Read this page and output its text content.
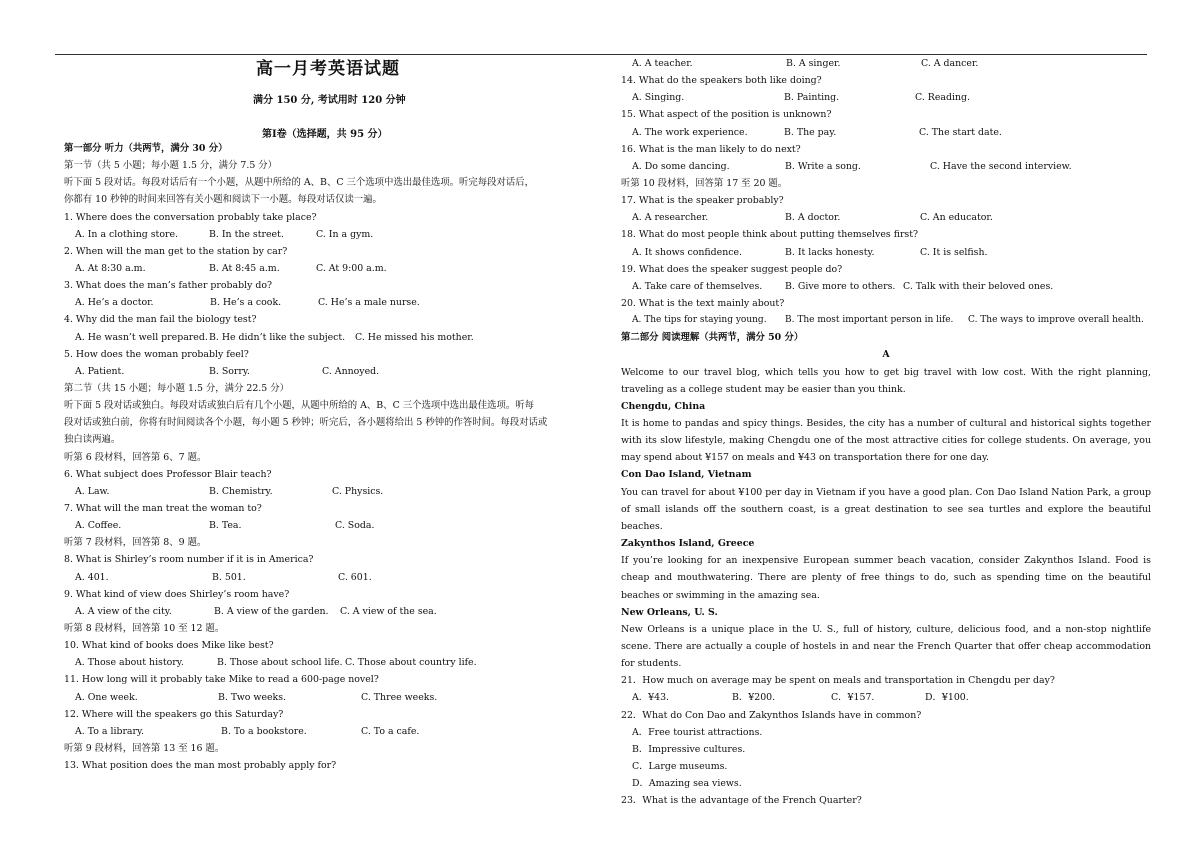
高一月考英语试题
满分 150 分, 考试用时 120 分钟
第Ⅰ卷（选择题，共 95 分）
第一部分 听力（共两节，满分 30 分）
第一节（共 5 小题；每小题 1.5 分，满分 7.5 分）
听下面 5 段对话。每段对话后有一个小题，从题中所给的 A、B、C 三个选项中选出最佳选项。听完每段对话后，
你都有 10 秒钟的时间来回答有关小题和阅读下一小题。每段对话仅读一遍。
1. Where does the conversation probably take place?
A. In a clothing store.	B. In the street.	C. In a gym.
2. When will the man get to the station by car?
A. At 8:30 a.m.	B. At 8:45 a.m.	C. At 9:00 a.m.
3. What does the man’s father probably do?
A. He’s a doctor.	B. He’s a cook.	C. He’s a male nurse.
4. Why did the man fail the biology test?
A. He wasn’t well prepared.B. He didn’t like the subject. C. He missed his mother.
5. How does the woman probably feel?
A. Patient.	B. Sorry.	C. Annoyed.
第二节（共 15 小题；每小题 1.5 分，满分 22.5 分）
听下面 5 段对话或独白。每段对话或独白后有几个小题，从题中所给的 A、B、C 三个选项中选出最佳选项。听每
段对话或独白前，你将有时间阅读各个小题，每小题 5 秒钟；听完后，各小题将给出 5 秒钟的作答时间。每段对话或
独白读两遍。
听第 6 段材料，回答第 6、7 题。
6. What subject does Professor Blair teach?
A. Law.	B. Chemistry.	C. Physics.
7. What will the man treat the woman to?
A. Coffee.	B. Tea.	C. Soda.
听第 7 段材料，回答第 8、9 题。
8. What is Shirley’s room number if it is in America?
A. 401.	B. 501.	C. 601.
9. What kind of view does Shirley’s room have?
A. A view of the city.	B. A view of the garden. C. A view of the sea.
听第 8 段材料，回答第 10 至 12 题。
10. What kind of books does Mike like best?
A. Those about history.	B. Those about school life. C. Those about country life.
11. How long will it probably take Mike to read a 600-page novel?
A. One week.	B. Two weeks.	C. Three weeks.
12. Where will the speakers go this Saturday?
A. To a library.	B. To a bookstore.	C. To a cafe.
听第 9 段材料，回答第 13 至 16 题。
13. What position does the man most probably apply for?
A. A teacher.	B. A singer.	C. A dancer.
14. What do the speakers both like doing?
A. Singing.	B. Painting.	C. Reading.
15. What aspect of the position is unknown?
A. The work experience.	B. The pay.	C. The start date.
16. What is the man likely to do next?
A. Do some dancing.	B. Write a song.	C. Have the second interview.
听第 10 段材料，回答第 17 至 20 题。
17. What is the speaker probably?
A. A researcher.	B. A doctor.	C. An educator.
18. What do most people think about putting themselves first?
A. It shows confidence.	B. It lacks honesty.	C. It is selfish.
19. What does the speaker suggest people do?
A. Take care of themselves. B. Give more to others. C. Talk with their beloved ones.
20. What is the text mainly about?
A. The tips for staying young. B. The most important person in life. C. The ways to improve overall health.
第二部分 阅读理解（共两节，满分 50 分）
A
Welcome to our travel blog, which tells you how to get big travel with low cost. With the right planning, traveling as a college student may be easier than you think.
Chengdu, China
It is home to pandas and spicy things. Besides, the city has a number of cultural and historical sights together with its slow lifestyle, making Chengdu one of the most attractive cities for college students. On average, you may spend about ¥157 on meals and ¥43 on transportation there for one day.
Con Dao Island, Vietnam
You can travel for about ¥100 per day in Vietnam if you have a good plan. Con Dao Island Nation Park, a group of small islands off the southern coast, is a great destination to see sea turtles and explore the beautiful beaches.
Zakynthos Island, Greece
If you’re looking for an inexpensive European summer beach vacation, consider Zakynthos Island. Food is cheap and mouthwatering. There are plenty of free things to do, such as spending time on the beautiful beaches or swimming in the amazing sea.
New Orleans, U. S.
New Orleans is a unique place in the U. S., full of history, culture, delicious food, and a non-stop nightlife scene. There are actually a couple of hostels in and near the French Quarter that offer cheap accommodation for students.
21．How much on average may be spent on meals and transportation in Chengdu per day?
A．¥43.	B．¥200.	C．¥157.	D．¥100.
22．What do Con Dao and Zakynthos Islands have in common?
A．Free tourist attractions.
B．Impressive cultures.
C．Large museums.
D．Amazing sea views.
23．What is the advantage of the French Quarter?
